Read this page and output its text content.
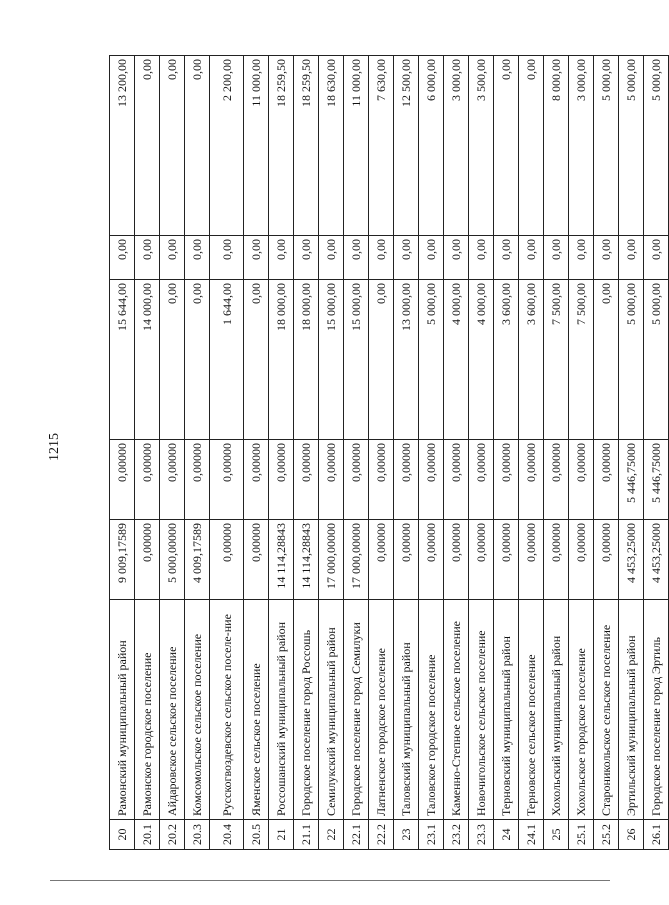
1215
20	Рамонский муниципальный район	9 009,17589	0,00000	15 644,00	0,00	13 200,00
20.1	Рамонское городское поселение	0,00000	0,00000	14 000,00	0,00	0,00
20.2	Айдаровское сельское поселение	5 000,00000	0,00000	0,00	0,00	0,00
20.3	Комсомольское сельское поселение	4 009,17589	0,00000	0,00	0,00	0,00
20.4	Русскогвоздевское сельское поселе-ние	0,00000	0,00000	1 644,00	0,00	2 200,00
20.5	Яменское сельское поселение	0,00000	0,00000	0,00	0,00	11 000,00
21	Россошанский муниципальный район	14 114,28843	0,00000	18 000,00	0,00	18 259,50
21.1	Городское поселение город Россошь	14 114,28843	0,00000	18 000,00	0,00	18 259,50
22	Семилукский муниципальный район	17 000,00000	0,00000	15 000,00	0,00	18 630,00
22.1	Городское поселение город Семилуки	17 000,00000	0,00000	15 000,00	0,00	11 000,00
22.2	Латненское городское поселение	0,00000	0,00000	0,00	0,00	7 630,00
23	Таловский муниципальный район	0,00000	0,00000	13 000,00	0,00	12 500,00
23.1	Таловское городское поселение	0,00000	0,00000	5 000,00	0,00	6 000,00
23.2	Каменно-Степное сельское поселение	0,00000	0,00000	4 000,00	0,00	3 000,00
23.3	Новочигольское сельское поселение	0,00000	0,00000	4 000,00	0,00	3 500,00
24	Терновский муниципальный район	0,00000	0,00000	3 600,00	0,00	0,00
24.1	Терновское сельское поселение	0,00000	0,00000	3 600,00	0,00	0,00
25	Хохольский муниципальный район	0,00000	0,00000	7 500,00	0,00	8 000,00
25.1	Хохольское городское поселение	0,00000	0,00000	7 500,00	0,00	3 000,00
25.2	Староникольское сельское поселение	0,00000	0,00000	0,00	0,00	5 000,00
26	Эртильский муниципальный район	4 453,25000	5 446,75000	5 000,00	0,00	5 000,00
26.1	Городское поселение город Эртиль	4 453,25000	5 446,75000	5 000,00	0,00	5 000,00
